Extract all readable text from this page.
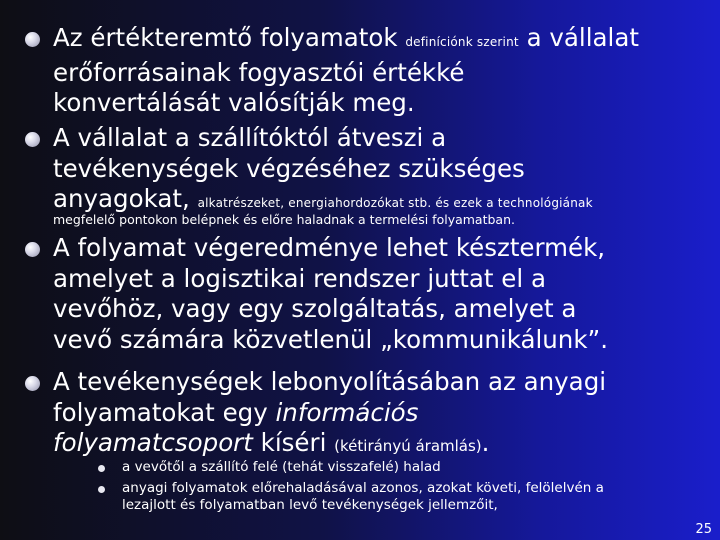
Az értékteremtő folyamatok definíciónk szerint a vállalat
erőforrásainak fogyasztói értékké
konvertálását valósítják meg.
A vállalat a szállítóktól átveszi a
tevékenységek végzéséhez szükséges
anyagokat, alkatrészeket, energiahordozókat stb. és ezek a technológiának
megfelelő pontokon belépnek és előre haladnak a termelési folyamatban.
A folyamat végeredménye lehet késztermék,
amelyet a logisztikai rendszer juttat el a
vevőhöz, vagy egy szolgáltatás, amelyet a
vevő számára közvetlenül „kommunikálunk”.
A tevékenységek lebonyolításában az anyagi
folyamatokat egy információs
folyamatcsoport kíséri (kétirányú áramlás).
a vevőtől a szállító felé (tehát visszafelé) halad
anyagi folyamatok előrehaladásával azonos, azokat követi, felölelvén a
lezajlott és folyamatban levő tevékenységek jellemzőit,
25
